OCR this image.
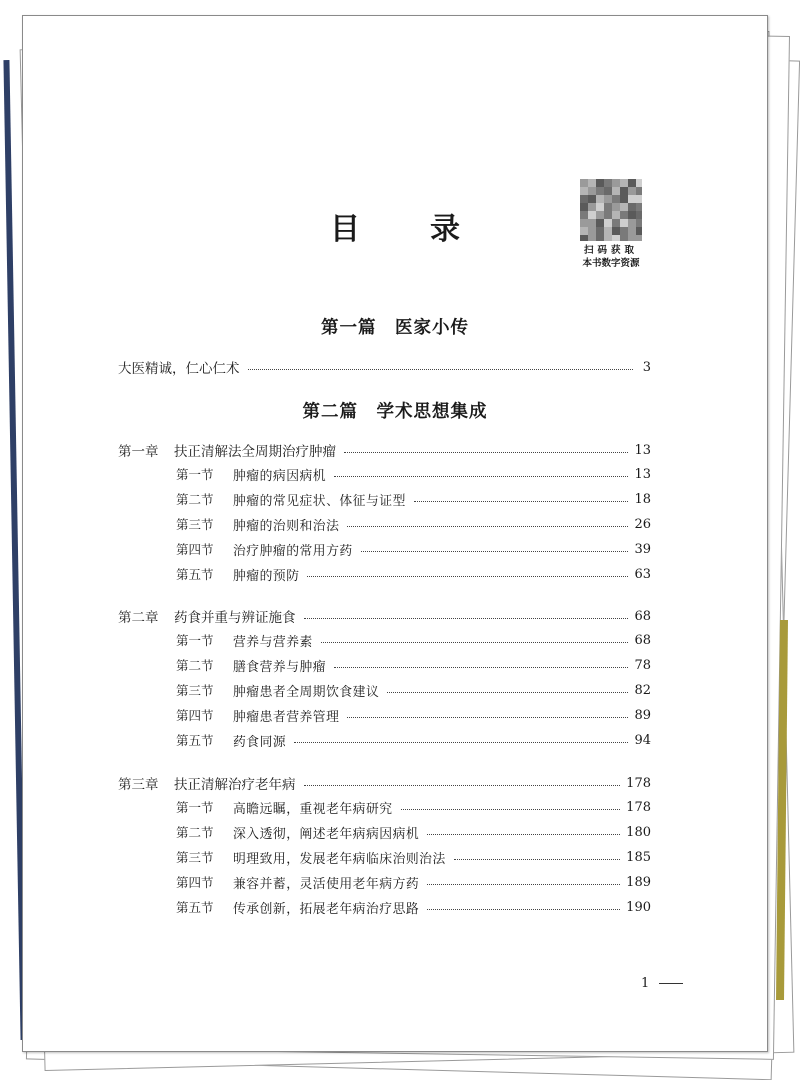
目　录
扫码获取
本书数字资源
第一篇　医家小传
大医精诚，仁心仁术	3
第二篇　学术思想集成
第一章	扶正清解法全周期治疗肿瘤	13
第一节	肿瘤的病因病机	13
第二节	肿瘤的常见症状、体征与证型	18
第三节	肿瘤的治则和治法	26
第四节	治疗肿瘤的常用方药	39
第五节	肿瘤的预防	63
第二章	药食并重与辨证施食	68
第一节	营养与营养素	68
第二节	膳食营养与肿瘤	78
第三节	肿瘤患者全周期饮食建议	82
第四节	肿瘤患者营养管理	89
第五节	药食同源	94
第三章	扶正清解治疗老年病	178
第一节	高瞻远瞩，重视老年病研究	178
第二节	深入透彻，阐述老年病病因病机	180
第三节	明理致用，发展老年病临床治则治法	185
第四节	兼容并蓄，灵活使用老年病方药	189
第五节	传承创新，拓展老年病治疗思路	190
1
